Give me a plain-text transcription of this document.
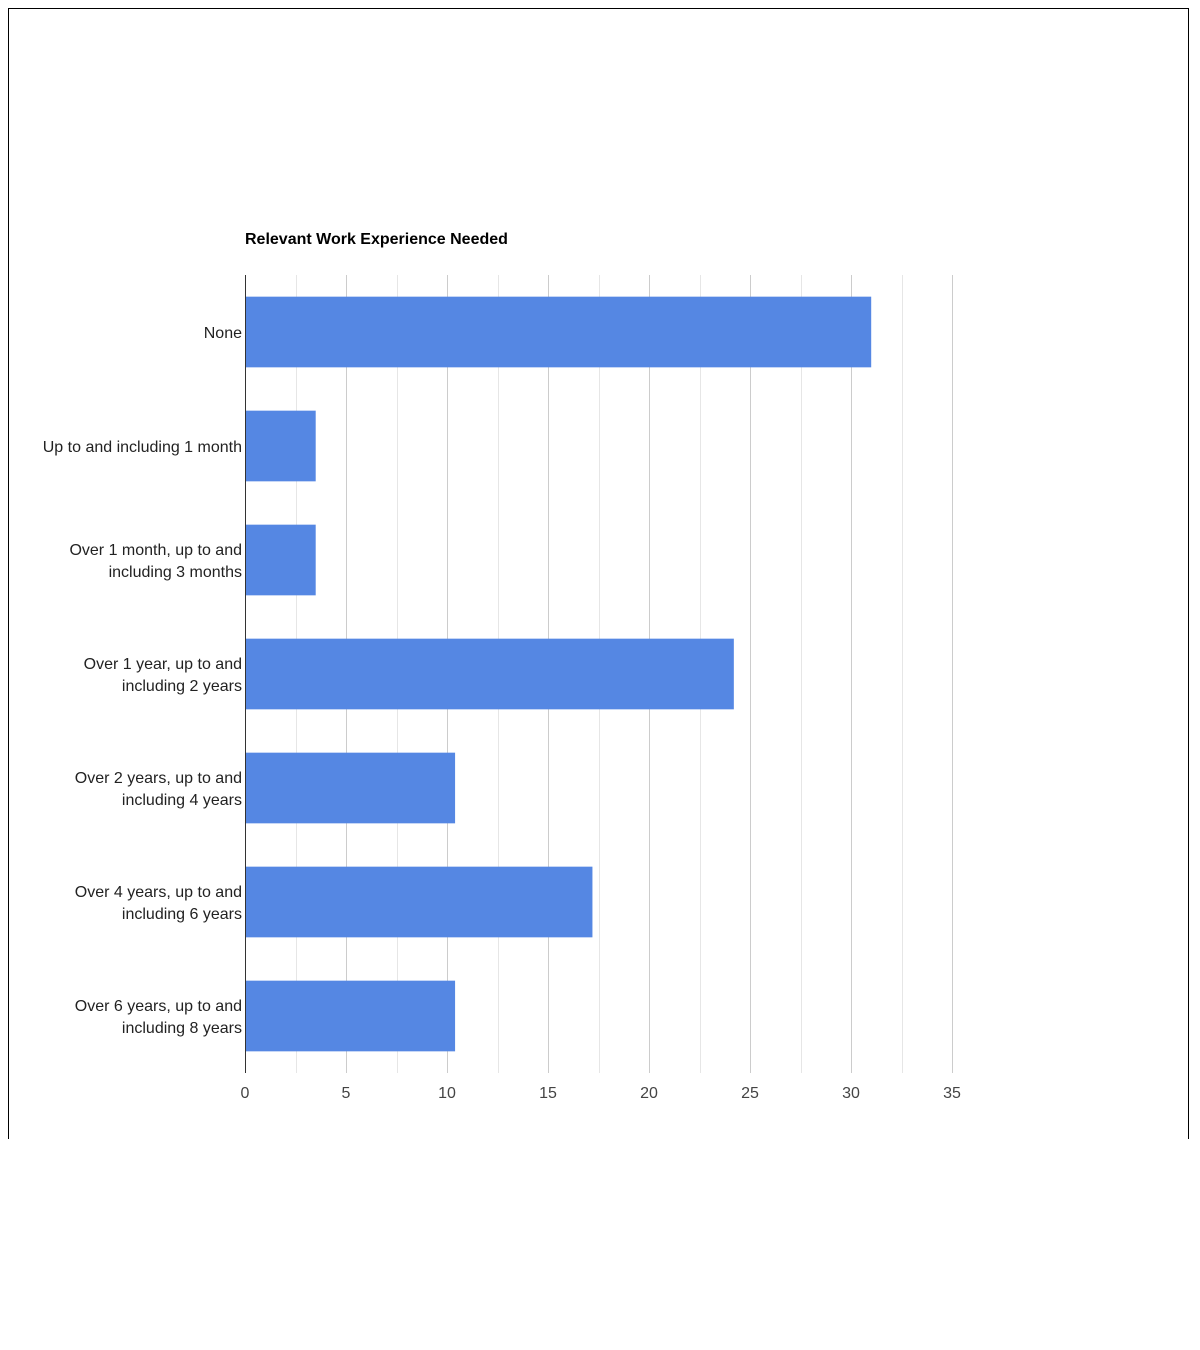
Relevant Work Experience Needed
None
Up to and including 1 month
Over 1 month, up to and
including 3 months
Over 1 year, up to and
including 2 years
Over 2 years, up to and
including 4 years
Over 4 years, up to and
including 6 years
Over 6 years, up to and
including 8 years
0	5	10	15	20	25	30	35
